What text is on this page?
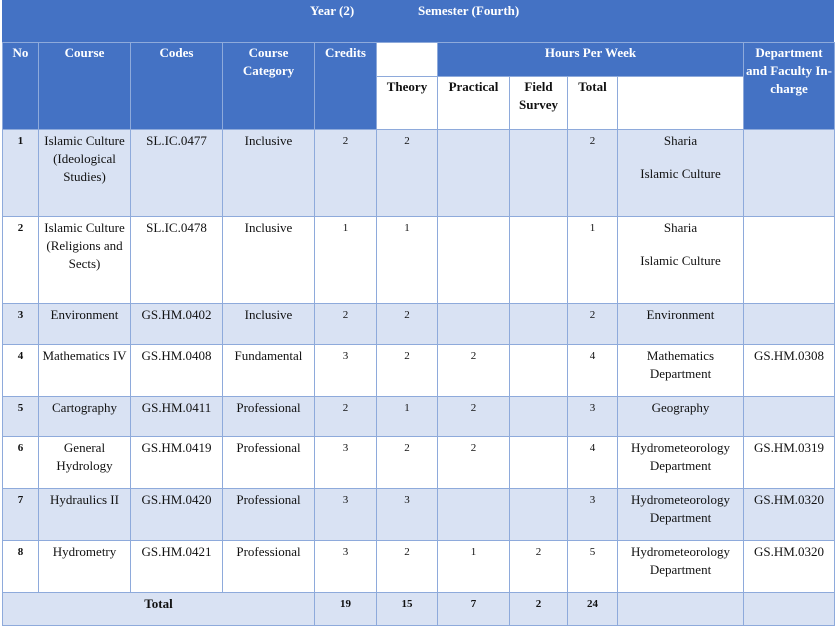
Year (2)	Semester (Fourth)
No	Course	Codes	Course Category	Credits		Hours Per Week				Department and Faculty In-charge	
					Theory	Practical	Field Survey	Total			
1	Islamic Culture (Ideological Studies)	SL.IC.0477	Inclusive	2	2			2	Sharia
Islamic Culture		

2	Islamic Culture (Religions and Sects)	SL.IC.0478	Inclusive	1	1			1	Sharia
Islamic Culture		

3	Environment	GS.HM.0402	Inclusive	2	2			2	Environment		
4	Mathematics IV	GS.HM.0408	Fundamental	3	2	2		4	Mathematics Department	GS.HM.0308	
5	Cartography	GS.HM.0411	Professional	2	1	2		3	Geography		
6	General Hydrology	GS.HM.0419	Professional	3	2	2		4	Hydrometeorology Department	GS.HM.0319	
7	Hydraulics II	GS.HM.0420	Professional	3	3			3	Hydrometeorology Department	GS.HM.0320	
8	Hydrometry	GS.HM.0421	Professional	3	2	1	2	5	Hydrometeorology Department	GS.HM.0320	
Total				19	15	7	2	24			
